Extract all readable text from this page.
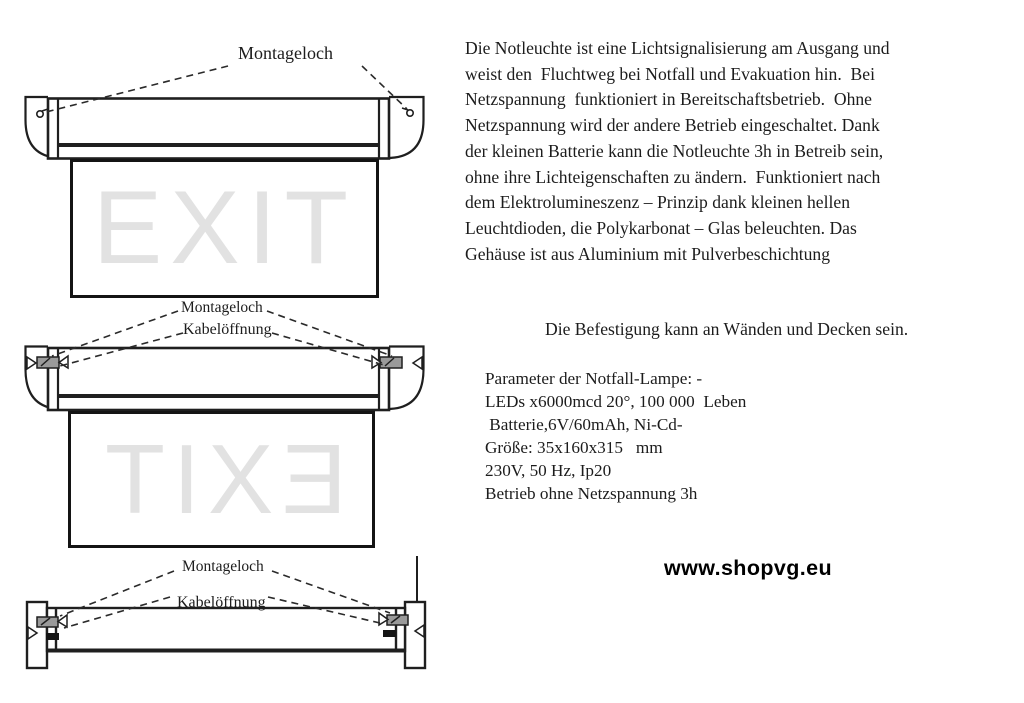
Montageloch
Montageloch
Kabelöffnung
Montageloch
Kabelöffnung
EXIT
EXIT
Die Notleuchte ist eine Lichtsignalisierung am Ausgang und
weist den  Fluchtweg bei Notfall und Evakuation hin.  Bei
Netzspannung  funktioniert in Bereitschaftsbetrieb.  Ohne
Netzspannung wird der andere Betrieb eingeschaltet. Dank
der kleinen Batterie kann die Notleuchte 3h in Betreib sein,
ohne ihre Lichteigenschaften zu ändern.  Funktioniert nach
dem Elektrolumineszenz – Prinzip dank kleinen hellen
Leuchtdioden, die Polykarbonat – Glas beleuchten. Das
Gehäuse ist aus Aluminium mit Pulverbeschichtung
Die Befestigung kann an Wänden und Decken sein.
Parameter der Notfall-Lampe: -
LEDs x6000mcd 20°, 100 000  Leben
Batterie,6V/60mAh, Ni-Cd-
Größe: 35x160x315   mm
230V, 50 Hz, Ip20
Betrieb ohne Netzspannung 3h
www.shopvg.eu
